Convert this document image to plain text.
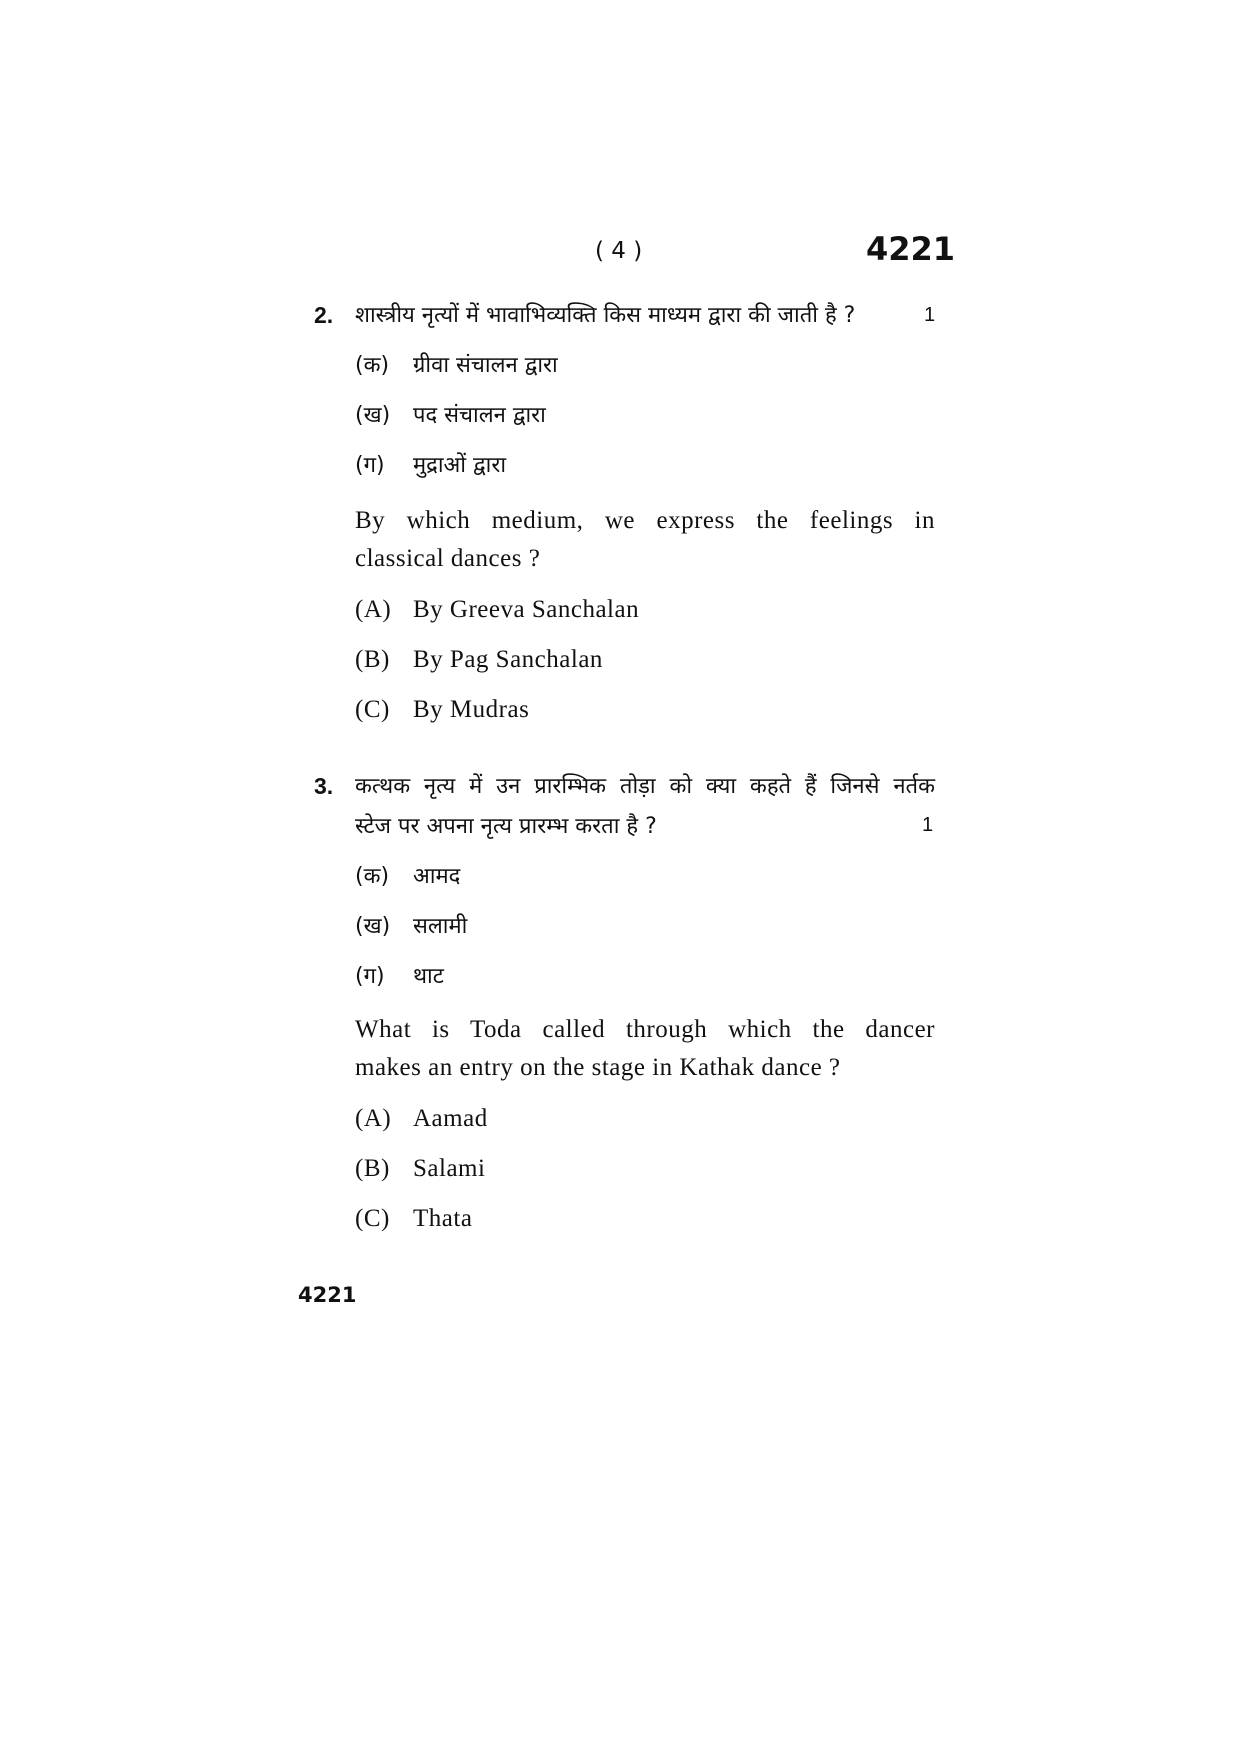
( 4 )	4221
2. शास्त्रीय नृत्यों में भावाभिव्यक्ति किस माध्यम द्वारा की जाती है ?	1
(क) ग्रीवा संचालन द्वारा
(ख) पद संचालन द्वारा
(ग) मुद्राओं द्वारा
By which medium, we express the feelings in
classical dances ?
(A) By Greeva Sanchalan
(B) By Pag Sanchalan
(C) By Mudras
3. कत्थक नृत्य में उन प्रारम्भिक तोड़ा को क्या कहते हैं जिनसे नर्तक
स्टेज पर अपना नृत्य प्रारम्भ करता है ?	1
(क) आमद
(ख) सलामी
(ग) थाट
What is Toda called through which the dancer
makes an entry on the stage in Kathak dance ?
(A) Aamad
(B) Salami
(C) Thata
4221
